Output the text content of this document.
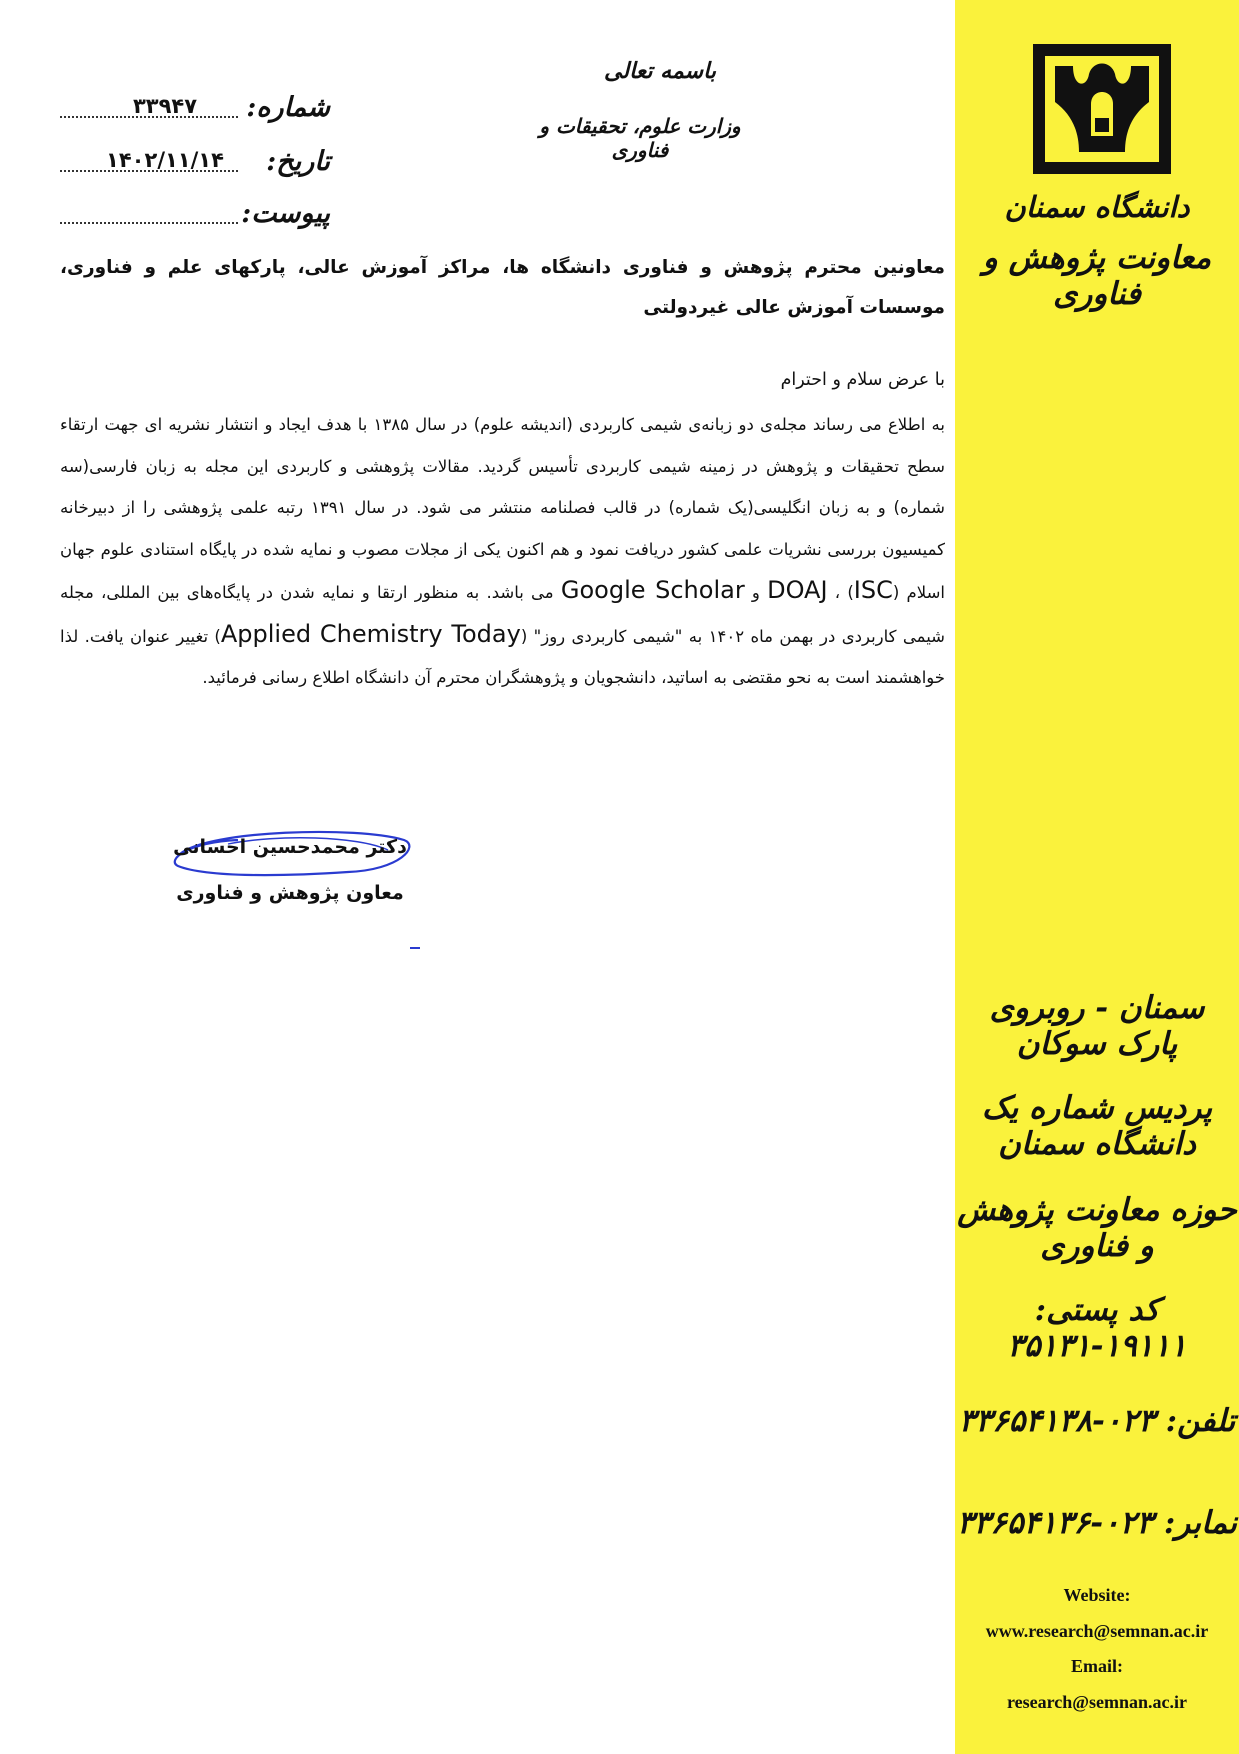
باسمه تعالی
وزارت علوم، تحقیقات و فناوری
شماره:
۳۳۹۴۷
تاریخ:
۱۴۰۲/۱۱/۱۴
پیوست:
معاونین محترم پژوهش و فناوری دانشگاه ها، مراکز آموزش عالی، پارکهای علم و فناوری، موسسات آموزش عالی غیردولتی
با عرض سلام و احترام
به اطلاع می رساند مجله‌ی دو زبانه‌ی شیمی کاربردی (اندیشه علوم) در سال ۱۳۸۵ با هدف ایجاد و انتشار نشریه ای جهت ارتقاء سطح تحقیقات و پژوهش در زمینه شیمی کاربردی تأسیس گردید. مقالات پژوهشی و کاربردی این مجله به زبان فارسی(سه شماره) و به زبان انگلیسی(یک شماره) در قالب فصلنامه منتشر می شود. در سال ۱۳۹۱ رتبه علمی پژوهشی را از دبیرخانه کمیسیون بررسی نشریات علمی کشور دریافت نمود و هم اکنون یکی از مجلات مصوب و نمایه شده در پایگاه استنادی علوم جهان اسلام (ISC) ، DOAJ و Google Scholar می باشد. به منظور ارتقا و نمایه شدن در پایگاه‌های بین المللی، مجله شیمی کاربردی در بهمن ماه ۱۴۰۲ به "شیمی کاربردی روز" (Applied Chemistry Today) تغییر عنوان یافت. لذا خواهشمند است به نحو مقتضی به اساتید، دانشجویان و پژوهشگران محترم آن دانشگاه اطلاع رسانی فرمائید.
دکتر محمدحسین احسانی
معاون پژوهش و فناوری
دانشگاه سمنان
معاونت پژوهش و فناوری
سمنان - روبروی پارک سوکان
پردیس شماره یک دانشگاه سمنان
حوزه معاونت پژوهش و فناوری
کد پستی: ۱۹۱۱۱-۳۵۱۳۱
تلفن: ۰۲۳-۳۳۶۵۴۱۳۸
نمابر: ۰۲۳-۳۳۶۵۴۱۳۶
Website:
www.research@semnan.ac.ir
Email:
research@semnan.ac.ir
